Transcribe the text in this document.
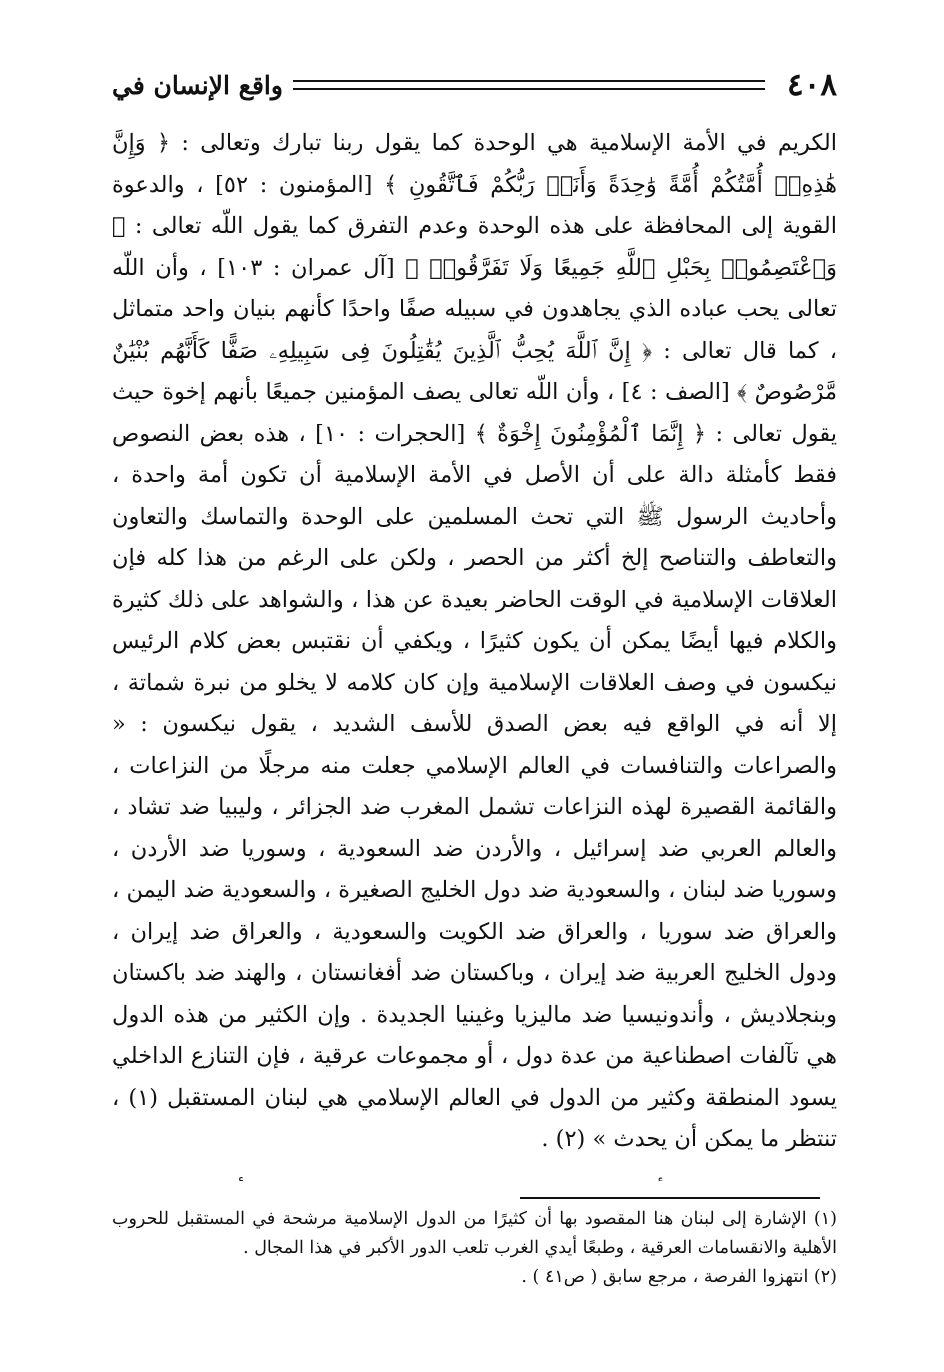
٤٠٨
واقع الإنسان في

الكريم في الأمة الإسلامية هي الوحدة كما يقول ربنا تبارك وتعالى : ﴿ وَإِنَّ هَٰذِهِۦٓ أُمَّتُكُمْ أُمَّةً وَٰحِدَةً وَأَنَا۠ رَبُّكُمْ فَٱتَّقُونِ ﴾ [المؤمنون : ٥٢] ، والدعوة القوية إلى المحافظة على هذه الوحدة وعدم التفرق كما يقول اللّه تعالى : ﴿ وَٱعْتَصِمُوا۟ بِحَبْلِ ٱللَّهِ جَمِيعًا وَلَا تَفَرَّقُوا۟ ﴾ [آل عمران : ١٠٣] ، وأن اللّه تعالى يحب عباده الذي يجاهدون في سبيله صفًا واحدًا كأنهم بنيان واحد متماثل ، كما قال تعالى : ﴿ إِنَّ ٱللَّهَ يُحِبُّ ٱلَّذِينَ يُقَٰتِلُونَ فِى سَبِيلِهِۦ صَفًّا كَأَنَّهُم بُنْيَٰنٌ مَّرْصُوصٌ ﴾ [الصف : ٤] ، وأن اللّه تعالى يصف المؤمنين جميعًا بأنهم إخوة حيث يقول تعالى : ﴿ إِنَّمَا ٱلْمُؤْمِنُونَ إِخْوَةٌ ﴾ [الحجرات : ١٠] ، هذه بعض النصوص فقط كأمثلة دالة على أن الأصل في الأمة الإسلامية أن تكون أمة واحدة ، وأحاديث الرسول ﷺ التي تحث المسلمين على الوحدة والتماسك والتعاون والتعاطف والتناصح إلخ أكثر من الحصر ، ولكن على الرغم من هذا كله فإن العلاقات الإسلامية في الوقت الحاضر بعيدة عن هذا ، والشواهد على ذلك كثيرة والكلام فيها أيضًا يمكن أن يكون كثيرًا ، ويكفي أن نقتبس بعض كلام الرئيس نيكسون في وصف العلاقات الإسلامية وإن كان كلامه لا يخلو من نبرة شماتة ، إلا أنه في الواقع فيه بعض الصدق للأسف الشديد ، يقول نيكسون : « والصراعات والتنافسات في العالم الإسلامي جعلت منه مرجلًا من النزاعات ، والقائمة القصيرة لهذه النزاعات تشمل المغرب ضد الجزائر ، وليبيا ضد تشاد ، والعالم العربي ضد إسرائيل ، والأردن ضد السعودية ، وسوريا ضد الأردن ، وسوريا ضد لبنان ، والسعودية ضد دول الخليج الصغيرة ، والسعودية ضد اليمن ، والعراق ضد سوريا ، والعراق ضد الكويت والسعودية ، والعراق ضد إيران ، ودول الخليج العربية ضد إيران ، وباكستان ضد أفغانستان ، والهند ضد باكستان وبنجلاديش ، وأندونيسيا ضد ماليزيا وغينيا الجديدة . وإن الكثير من هذه الدول هي تآلفات اصطناعية من عدة دول ، أو مجموعات عرقية ، فإن التنازع الداخلي يسود المنطقة وكثير من الدول في العالم الإسلامي هي لبنان المستقبل (١) ، تنتظر ما يمكن أن يحدث » (٢) .

(١) الإشارة إلى لبنان هنا المقصود بها أن كثيرًا من الدول الإسلامية مرشحة في المستقبل للحروب الأهلية والانقسامات العرقية ، وطبعًا أيدي الغرب تلعب الدور الأكبر في هذا المجال .

(٢) انتهزوا الفرصة ، مرجع سابق ( ص٤١ ) .
